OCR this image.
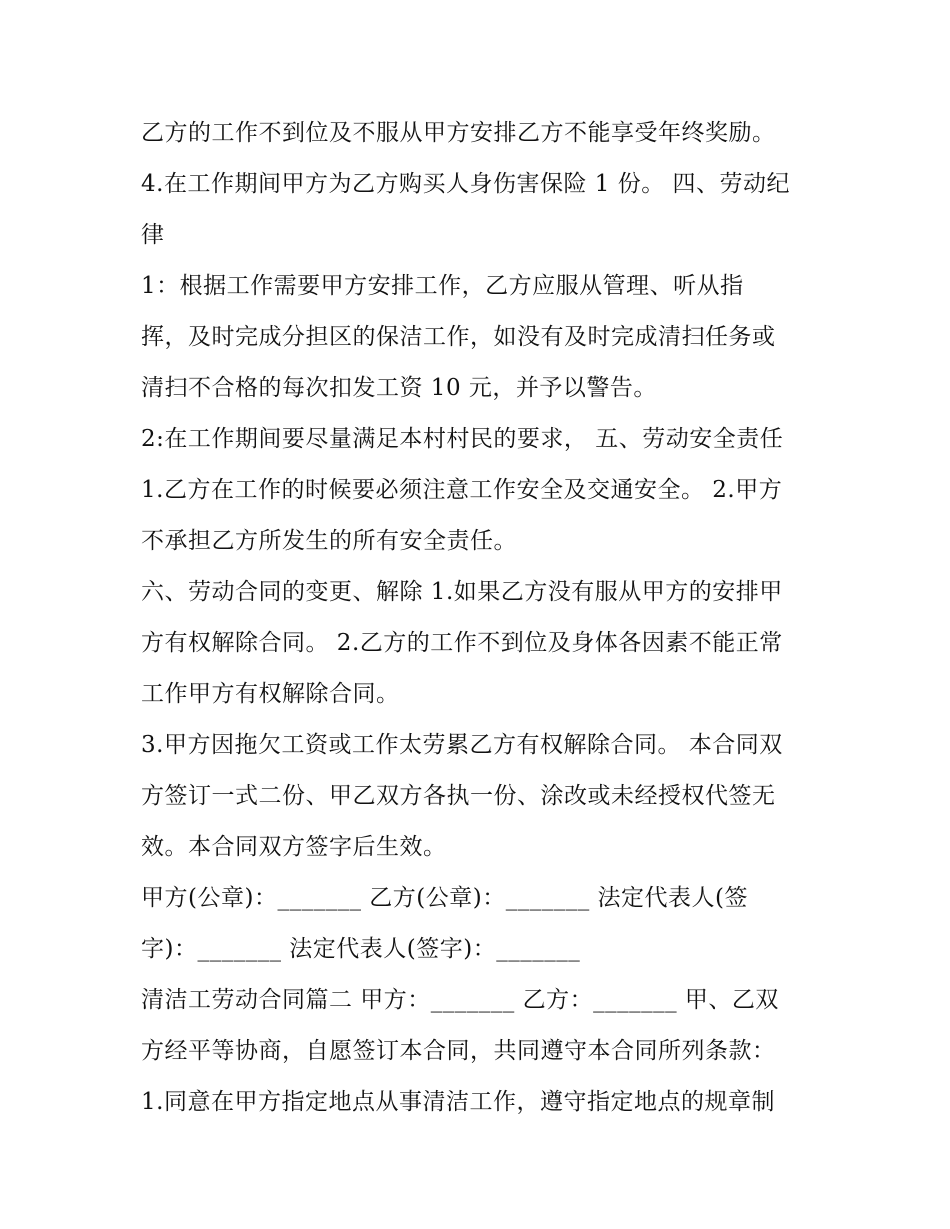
乙方的工作不到位及不服从甲方安排乙方不能享受年终奖励。
4.在工作期间甲方为乙方购买人身伤害保险 1 份。 四、劳动纪
律
1：根据工作需要甲方安排工作，乙方应服从管理、听从指
挥，及时完成分担区的保洁工作，如没有及时完成清扫任务或
清扫不合格的每次扣发工资 10 元，并予以警告。
2:在工作期间要尽量满足本村村民的要求， 五、劳动安全责任
1.乙方在工作的时候要必须注意工作安全及交通安全。 2.甲方
不承担乙方所发生的所有安全责任。
六、劳动合同的变更、解除 1.如果乙方没有服从甲方的安排甲
方有权解除合同。 2.乙方的工作不到位及身体各因素不能正常
工作甲方有权解除合同。
3.甲方因拖欠工资或工作太劳累乙方有权解除合同。 本合同双
方签订一式二份、甲乙双方各执一份、涂改或未经授权代签无
效。本合同双方签字后生效。
甲方(公章)：_______ 乙方(公章)：_______ 法定代表人(签
字)：_______ 法定代表人(签字)：_______
清洁工劳动合同篇二 甲方：_______ 乙方：_______ 甲、乙双
方经平等协商，自愿签订本合同，共同遵守本合同所列条款：
1.同意在甲方指定地点从事清洁工作，遵守指定地点的规章制
